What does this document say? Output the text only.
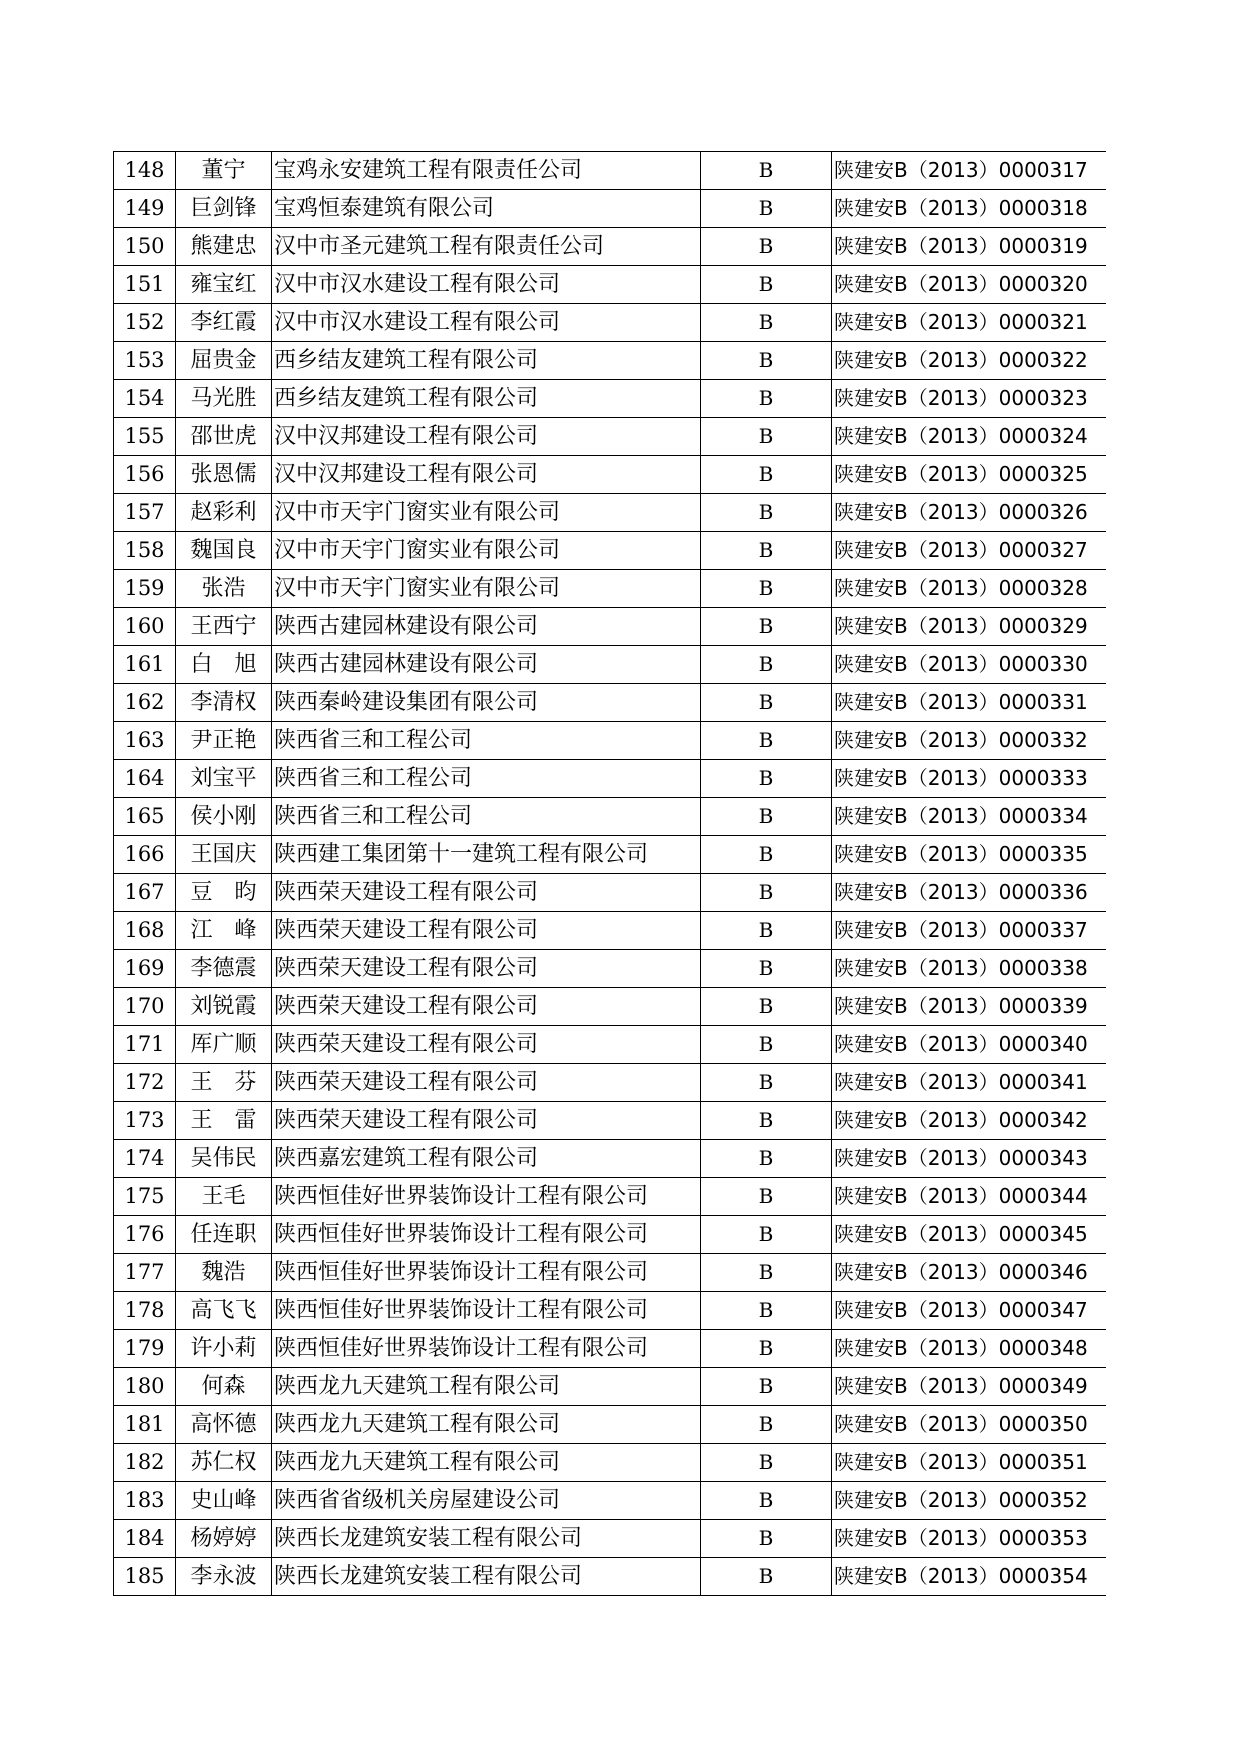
148	董宁	宝鸡永安建筑工程有限责任公司	B	陕建安B（2013）0000317
149	巨剑锋	宝鸡恒泰建筑有限公司	B	陕建安B（2013）0000318
150	熊建忠	汉中市圣元建筑工程有限责任公司	B	陕建安B（2013）0000319
151	雍宝红	汉中市汉水建设工程有限公司	B	陕建安B（2013）0000320
152	李红霞	汉中市汉水建设工程有限公司	B	陕建安B（2013）0000321
153	屈贵金	西乡结友建筑工程有限公司	B	陕建安B（2013）0000322
154	马光胜	西乡结友建筑工程有限公司	B	陕建安B（2013）0000323
155	邵世虎	汉中汉邦建设工程有限公司	B	陕建安B（2013）0000324
156	张恩儒	汉中汉邦建设工程有限公司	B	陕建安B（2013）0000325
157	赵彩利	汉中市天宇门窗实业有限公司	B	陕建安B（2013）0000326
158	魏国良	汉中市天宇门窗实业有限公司	B	陕建安B（2013）0000327
159	张浩	汉中市天宇门窗实业有限公司	B	陕建安B（2013）0000328
160	王西宁	陕西古建园林建设有限公司	B	陕建安B（2013）0000329
161	白　旭	陕西古建园林建设有限公司	B	陕建安B（2013）0000330
162	李清权	陕西秦岭建设集团有限公司	B	陕建安B（2013）0000331
163	尹正艳	陕西省三和工程公司	B	陕建安B（2013）0000332
164	刘宝平	陕西省三和工程公司	B	陕建安B（2013）0000333
165	侯小刚	陕西省三和工程公司	B	陕建安B（2013）0000334
166	王国庆	陕西建工集团第十一建筑工程有限公司	B	陕建安B（2013）0000335
167	豆　昀	陕西荣天建设工程有限公司	B	陕建安B（2013）0000336
168	江　峰	陕西荣天建设工程有限公司	B	陕建安B（2013）0000337
169	李德震	陕西荣天建设工程有限公司	B	陕建安B（2013）0000338
170	刘锐霞	陕西荣天建设工程有限公司	B	陕建安B（2013）0000339
171	厍广顺	陕西荣天建设工程有限公司	B	陕建安B（2013）0000340
172	王　芬	陕西荣天建设工程有限公司	B	陕建安B（2013）0000341
173	王　雷	陕西荣天建设工程有限公司	B	陕建安B（2013）0000342
174	吴伟民	陕西嘉宏建筑工程有限公司	B	陕建安B（2013）0000343
175	王毛	陕西恒佳好世界装饰设计工程有限公司	B	陕建安B（2013）0000344
176	任连职	陕西恒佳好世界装饰设计工程有限公司	B	陕建安B（2013）0000345
177	魏浩	陕西恒佳好世界装饰设计工程有限公司	B	陕建安B（2013）0000346
178	高飞飞	陕西恒佳好世界装饰设计工程有限公司	B	陕建安B（2013）0000347
179	许小莉	陕西恒佳好世界装饰设计工程有限公司	B	陕建安B（2013）0000348
180	何森	陕西龙九天建筑工程有限公司	B	陕建安B（2013）0000349
181	高怀德	陕西龙九天建筑工程有限公司	B	陕建安B（2013）0000350
182	苏仁权	陕西龙九天建筑工程有限公司	B	陕建安B（2013）0000351
183	史山峰	陕西省省级机关房屋建设公司	B	陕建安B（2013）0000352
184	杨婷婷	陕西长龙建筑安装工程有限公司	B	陕建安B（2013）0000353
185	李永波	陕西长龙建筑安装工程有限公司	B	陕建安B（2013）0000354
